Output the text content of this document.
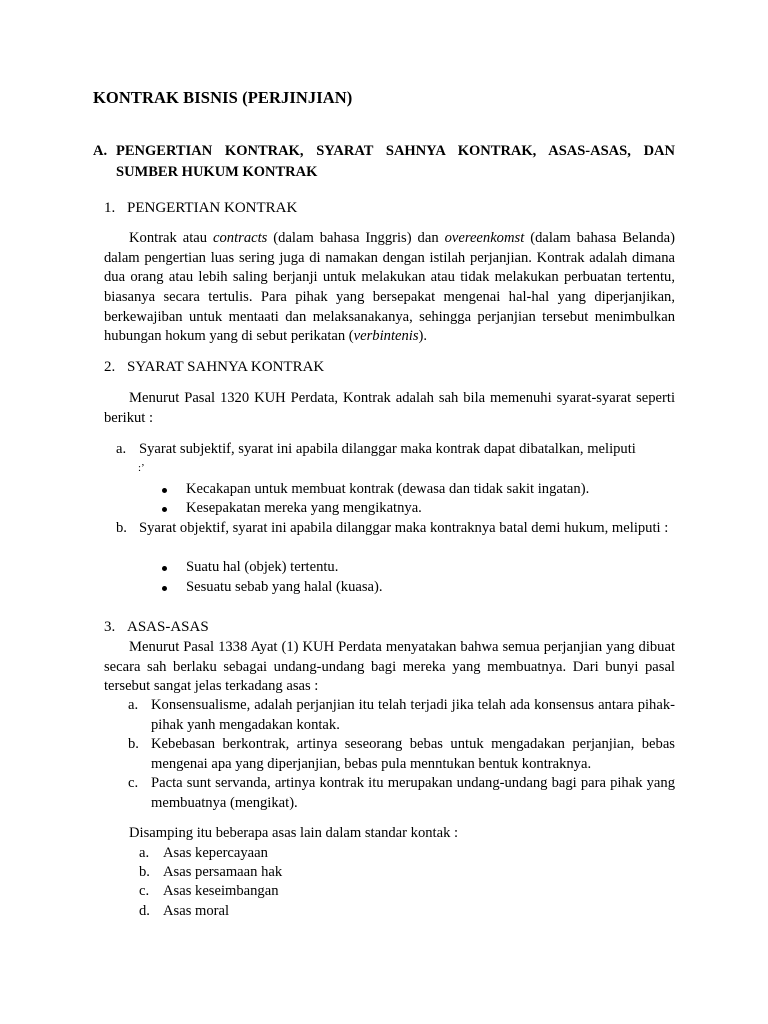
KONTRAK BISNIS (PERJINJIAN)
A. PENGERTIAN KONTRAK, SYARAT SAHNYA KONTRAK, ASAS-ASAS, DAN SUMBER HUKUM KONTRAK
1. PENGERTIAN KONTRAK
Kontrak atau contracts (dalam bahasa Inggris) dan overeenkomst (dalam bahasa Belanda) dalam pengertian luas sering juga di namakan dengan istilah perjanjian. Kontrak adalah dimana dua orang atau lebih saling berjanji untuk melakukan atau tidak melakukan perbuatan tertentu, biasanya secara tertulis. Para pihak yang bersepakat mengenai hal-hal yang diperjanjikan, berkewajiban untuk mentaati dan melaksanakanya, sehingga perjanjian tersebut menimbulkan hubungan hokum yang di sebut perikatan (verbintenis).
2. SYARAT SAHNYA KONTRAK
Menurut Pasal 1320 KUH Perdata, Kontrak adalah sah bila memenuhi syarat-syarat seperti berikut :
a. Syarat subjektif, syarat ini apabila dilanggar maka kontrak dapat dibatalkan, meliputi
:’
Kecakapan untuk membuat kontrak (dewasa dan tidak sakit ingatan).
Kesepakatan mereka yang mengikatnya.
b. Syarat objektif, syarat ini apabila dilanggar maka kontraknya batal demi hukum, meliputi :
Suatu hal (objek) tertentu.
Sesuatu sebab yang halal (kuasa).
3. ASAS-ASAS
Menurut Pasal 1338 Ayat (1) KUH Perdata menyatakan bahwa semua perjanjian yang dibuat secara sah berlaku sebagai undang-undang bagi mereka yang membuatnya. Dari bunyi pasal tersebut sangat jelas terkadang asas :
a. Konsensualisme, adalah perjanjian itu telah terjadi jika telah ada konsensus antara pihak-pihak yanh mengadakan kontak.
b. Kebebasan berkontrak, artinya seseorang bebas untuk mengadakan perjanjian, bebas mengenai apa yang diperjanjian, bebas pula menntukan bentuk kontraknya.
c. Pacta sunt servanda, artinya kontrak itu merupakan undang-undang bagi para pihak yang membuatnya (mengikat).
Disamping itu beberapa asas lain dalam standar kontak :
a. Asas kepercayaan
b. Asas persamaan hak
c. Asas keseimbangan
d. Asas moral
